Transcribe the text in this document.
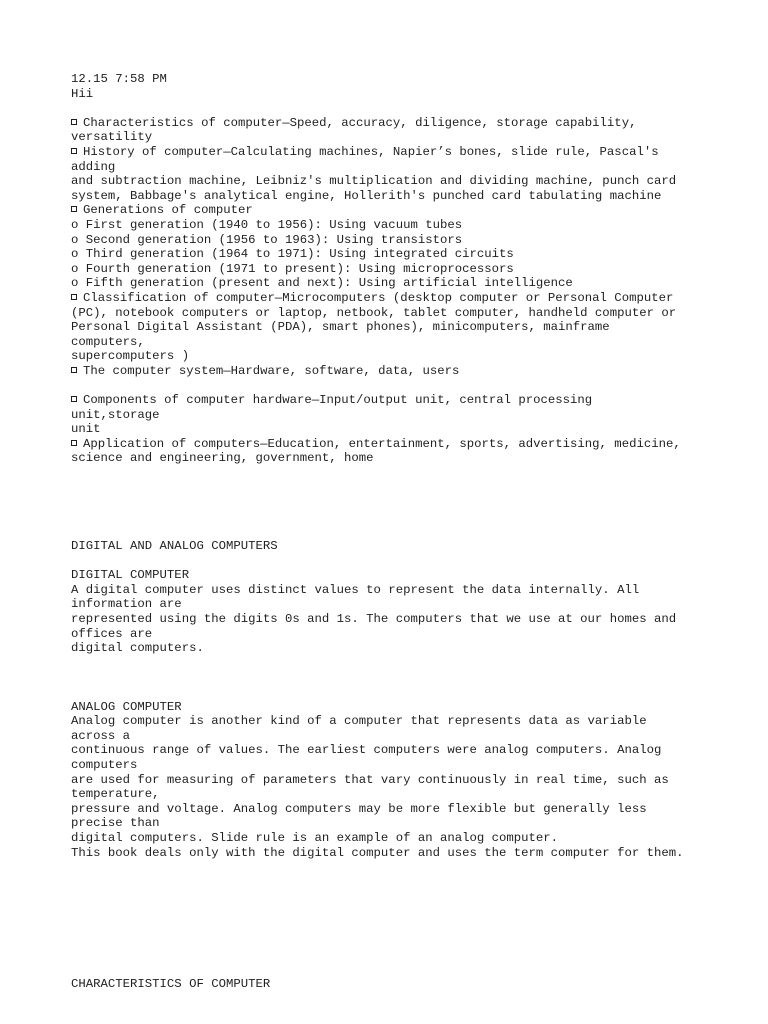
12.15 7:58 PM
Hii
Characteristics of computer—Speed, accuracy, diligence, storage capability,
versatility
History of computer—Calculating machines, Napier’s bones, slide rule, Pascal's
adding
and subtraction machine, Leibniz's multiplication and dividing machine, punch card
system, Babbage's analytical engine, Hollerith's punched card tabulating machine
Generations of computer
o First generation (1940 to 1956): Using vacuum tubes
o Second generation (1956 to 1963): Using transistors
o Third generation (1964 to 1971): Using integrated circuits
o Fourth generation (1971 to present): Using microprocessors
o Fifth generation (present and next): Using artificial intelligence
Classification of computer—Microcomputers (desktop computer or Personal Computer
(PC), notebook computers or laptop, netbook, tablet computer, handheld computer or
Personal Digital Assistant (PDA), smart phones), minicomputers, mainframe
computers,
supercomputers )
The computer system—Hardware, software, data, users
Components of computer hardware—Input/output unit, central processing
unit,storage
unit
Application of computers—Education, entertainment, sports, advertising, medicine,
science and engineering, government, home
DIGITAL AND ANALOG COMPUTERS
DIGITAL COMPUTER
A digital computer uses distinct values to represent the data internally. All
information are
represented using the digits 0s and 1s. The computers that we use at our homes and
offices are
digital computers.
ANALOG COMPUTER
Analog computer is another kind of a computer that represents data as variable
across a
continuous range of values. The earliest computers were analog computers. Analog
computers
are used for measuring of parameters that vary continuously in real time, such as
temperature,
pressure and voltage. Analog computers may be more flexible but generally less
precise than
digital computers. Slide rule is an example of an analog computer.
This book deals only with the digital computer and uses the term computer for them.
CHARACTERISTICS OF COMPUTER
